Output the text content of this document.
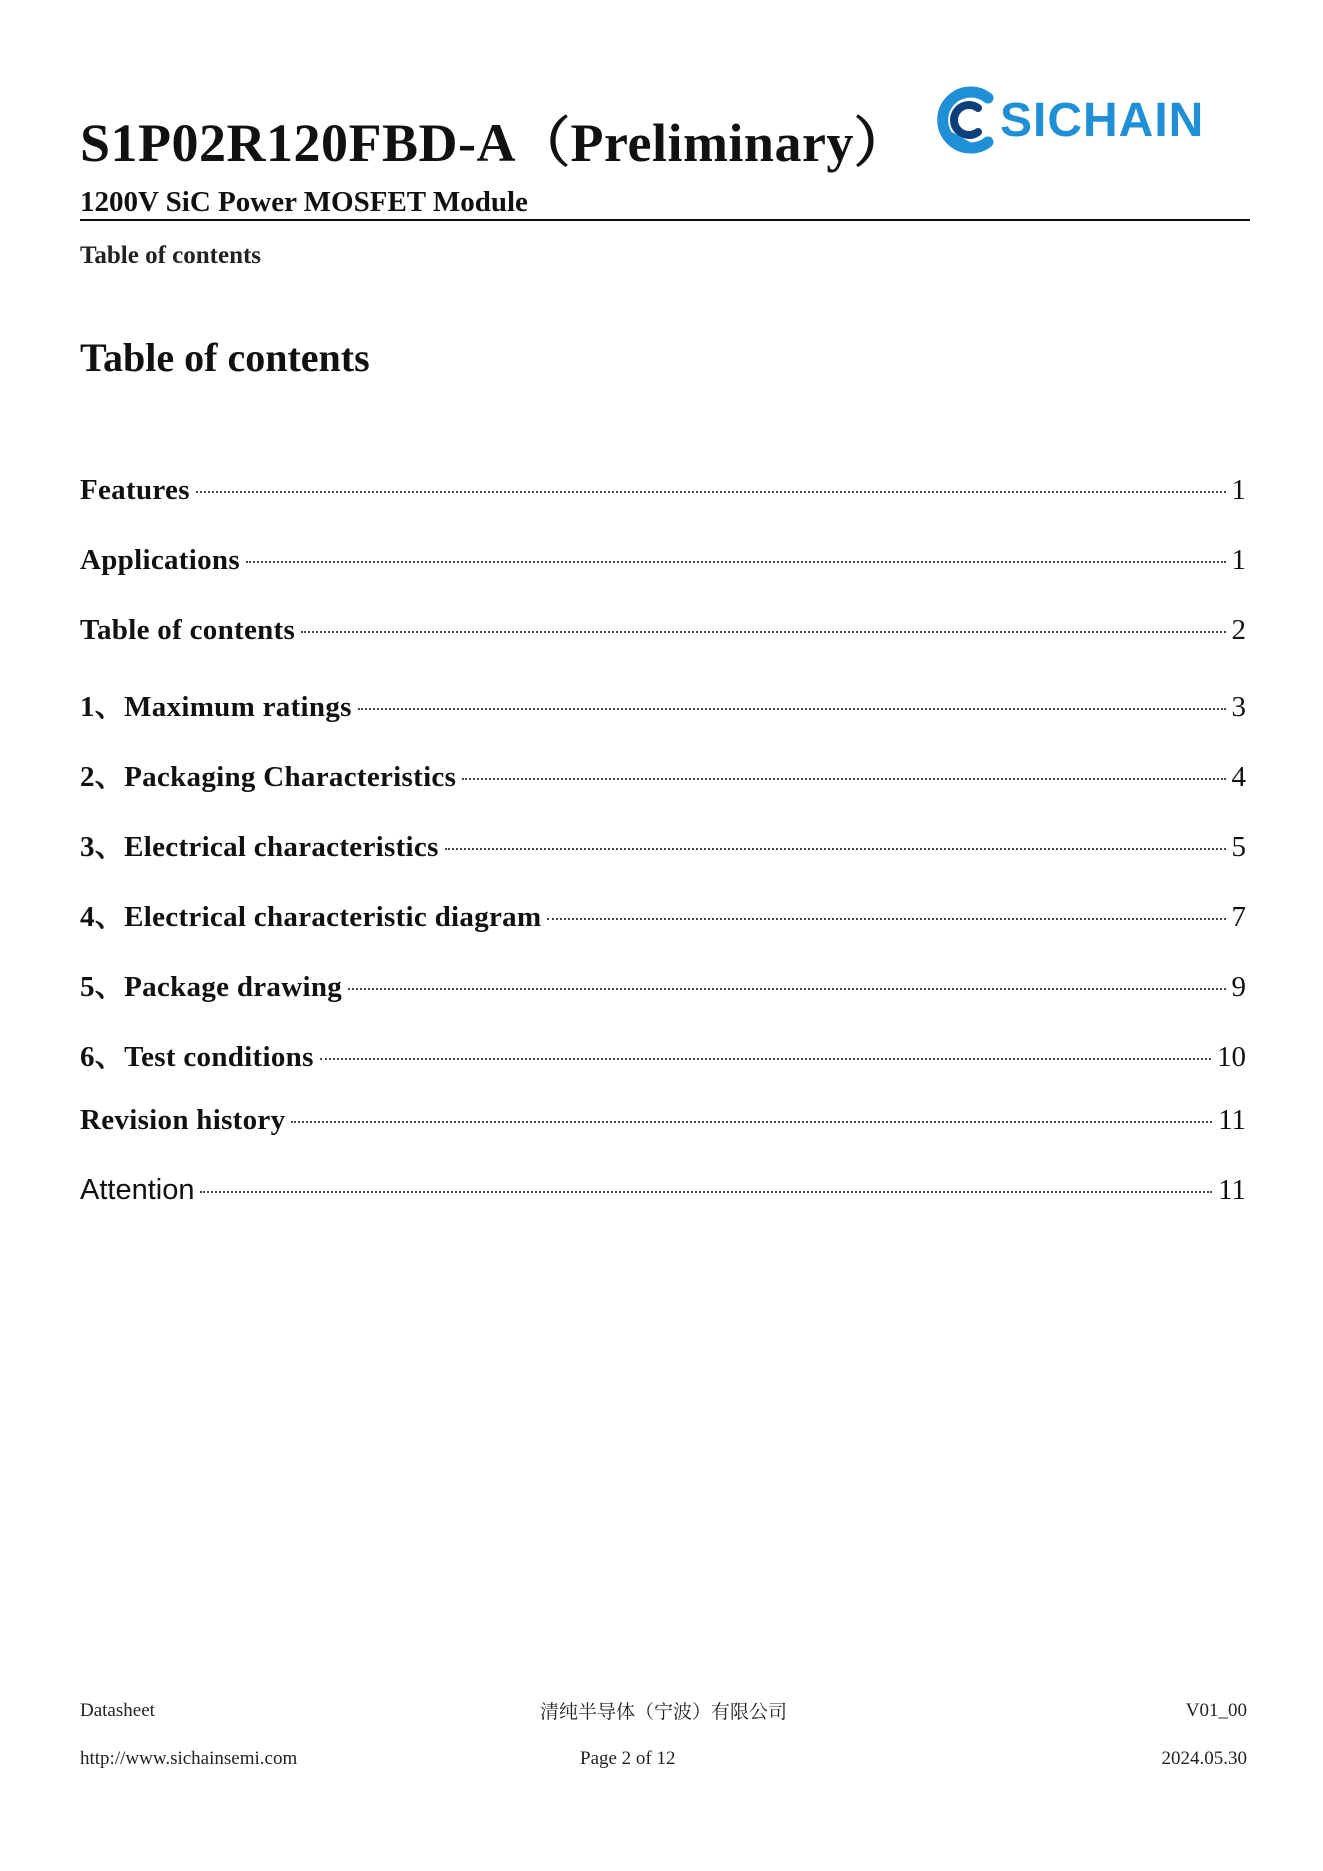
S1P02R120FBD-A（Preliminary） SICHAIN
1200V SiC Power MOSFET Module
Table of contents
Table of contents
Features	1
Applications	1
Table of contents	2
1、Maximum ratings	3
2、Packaging Characteristics	4
3、Electrical characteristics	5
4、Electrical characteristic diagram	7
5、Package drawing	9
6、Test conditions	10
Revision history	11
Attention	11
Datasheet	清纯半导体（宁波）有限公司	V01_00
http://www.sichainsemi.com	Page 2 of 12	2024.05.30
